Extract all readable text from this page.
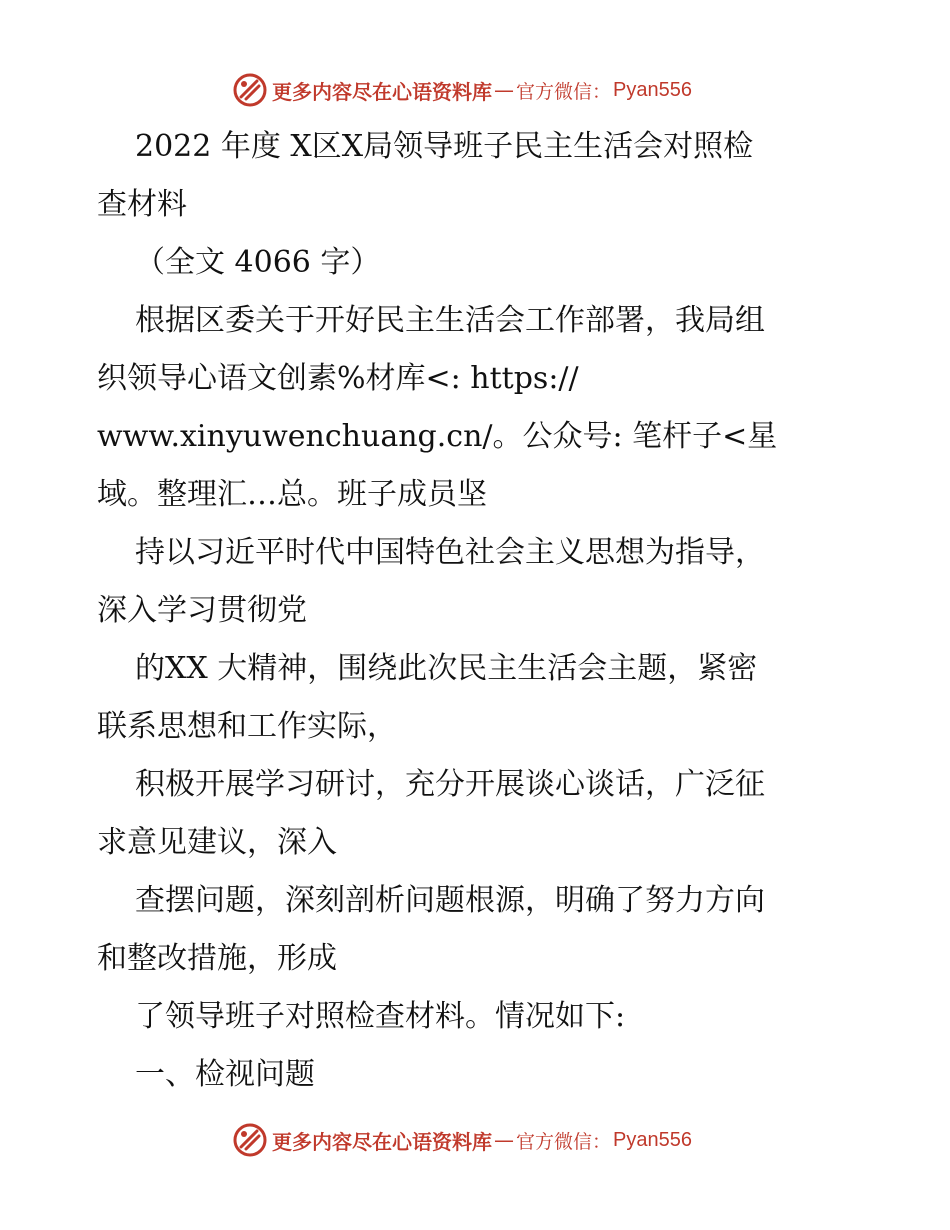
更多内容尽在心语资料库 — 官方微信： Pyan556
2022 年度 X区X局领导班子民主生活会对照检
查材料
（全文 4066 字）
根据区委关于开好民主生活会工作部署，我局组
织领导心语文创素%材库<: https://
www.xinyuwenchuang.cn/。公众号: 笔杆子<星
域。整理汇…总。班子成员坚
持以习近平时代中国特色社会主义思想为指导，
深入学习贯彻党
的XX 大精神，围绕此次民主生活会主题，紧密
联系思想和工作实际，
积极开展学习研讨，充分开展谈心谈话，广泛征
求意见建议，深入
查摆问题，深刻剖析问题根源，明确了努力方向
和整改措施，形成
了领导班子对照检查材料。情况如下:
一、检视问题
更多内容尽在心语资料库 — 官方微信： Pyan556
